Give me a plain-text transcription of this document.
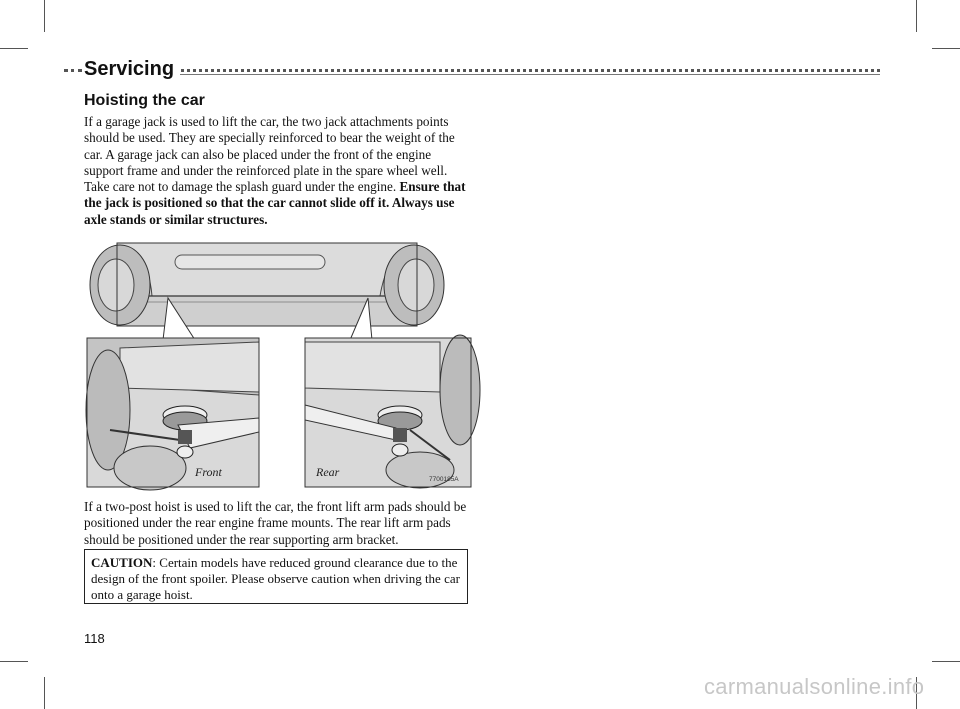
Servicing
Hoisting the car

If a garage jack is used to lift the car, the two jack attachments points should be used. They are specially reinforced to bear the weight of the car. A garage jack can also be placed under the front of the engine support frame and under the reinforced plate in the spare wheel well. Take care not to damage the splash guard under the engine. Ensure that the jack is positioned so that the car cannot slide off it. Always use axle stands or similar structures.

Front	Rear
7700185A

If a two-post hoist is used to lift the car, the front lift arm pads should be positioned under the rear engine frame mounts. The rear lift arm pads should be positioned under the rear supporting arm bracket.

CAUTION: Certain models have reduced ground clearance due to the design of the front spoiler. Please observe caution when driving the car onto a garage hoist.
118
carmanualsonline.info
